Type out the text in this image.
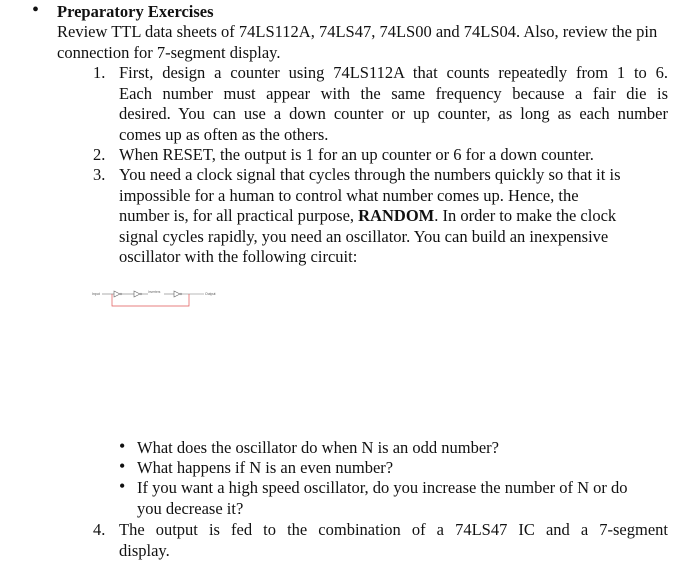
• Preparatory Exercises
Review TTL data sheets of 74LS112A, 74LS47, 74LS00 and 74LS04. Also, review the pin connection for 7-segment display.
1. First, design a counter using 74LS112A that counts repeatedly from 1 to 6.
Each number must appear with the same frequency because a fair die is
desired. You can use a down counter or up counter, as long as each number
comes up as often as the others.
2. When RESET, the output is 1 for an up counter or 6 for a down counter.
3. You need a clock signal that cycles through the numbers quickly so that it is
impossible for a human to control what number comes up. Hence, the
number is, for all practical purpose, RANDOM. In order to make the clock
signal cycles rapidly, you need an oscillator. You can build an inexpensive
oscillator with the following circuit:
Input	Inverters	Output
• What does the oscillator do when N is an odd number?
• What happens if N is an even number?
• If you want a high speed oscillator, do you increase the number of N or do
you decrease it?
4. The output is fed to the combination of a 74LS47 IC and a 7-segment
display.
